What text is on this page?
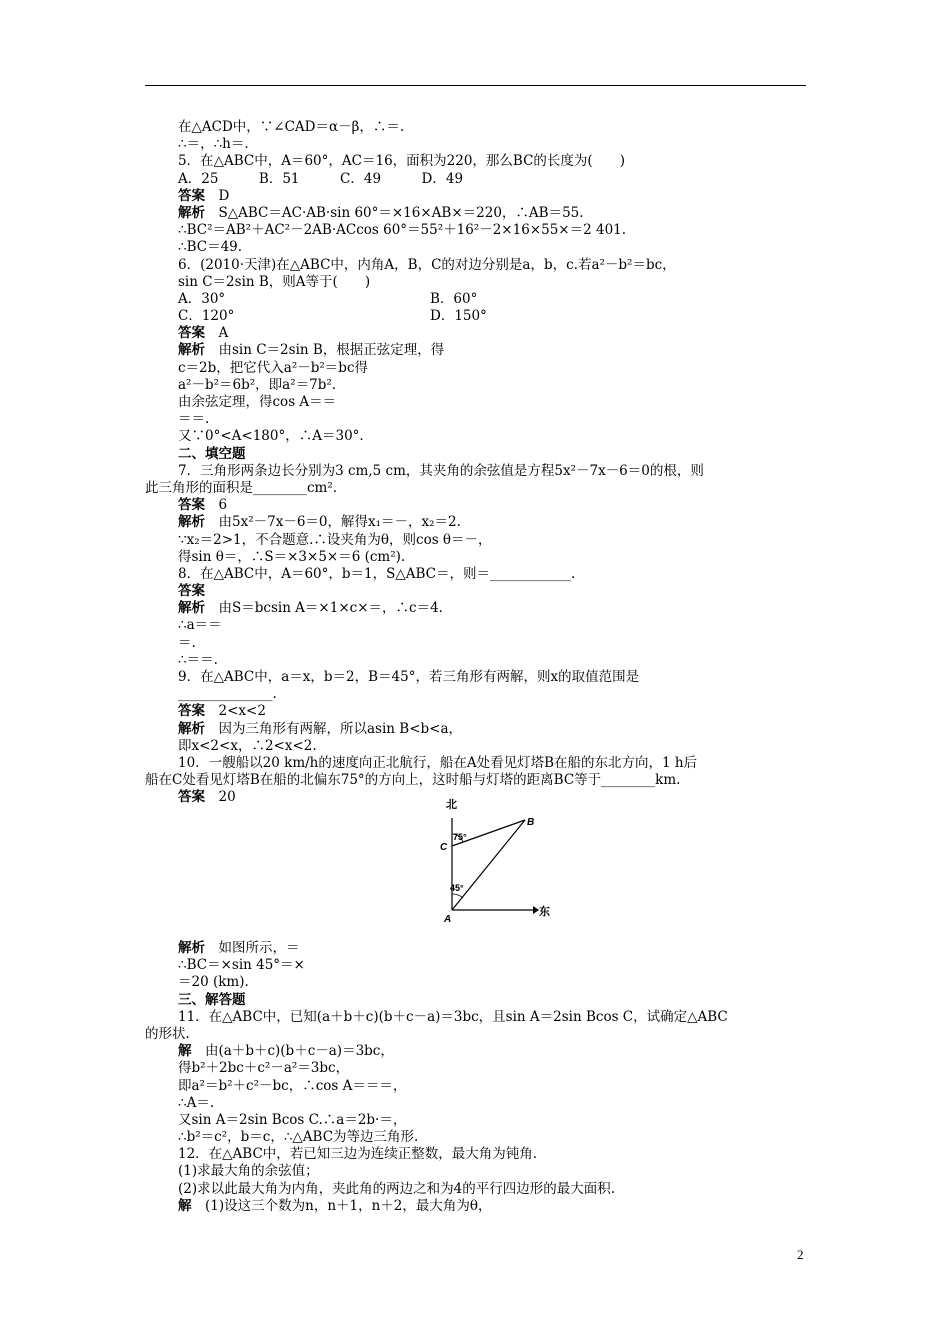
在△ACD中，∵∠CAD＝α－β，∴＝.
∴＝，∴h＝.
5．在△ABC中，A＝60°，AC＝16，面积为220，那么BC的长度为(　　)
A．25　　　B．51　　　C．49　　　D．49
答案　 D
解析　 S△ABC＝AC·AB·sin 60°＝×16×AB×＝220，∴AB＝55.
∴BC²＝AB²＋AC²－2AB·ACcos 60°＝55²＋16²－2×16×55×＝2 401.
∴BC＝49.
6．(2010·天津)在△ABC中，内角A，B，C的对边分别是a，b，c.若a²－b²＝bc，
sin C＝2sin B，则A等于(　　)
A．30°	B．60°
C．120°	D．150°
答案　 A
解析　 由sin C＝2sin B，根据正弦定理，得
c＝2b，把它代入a²－b²＝bc得
a²－b²＝6b²，即a²＝7b².
由余弦定理，得cos A＝＝
＝＝.
又∵0°<A<180°，∴A＝30°.
二、填空题
7．三角形两条边长分别为3 cm,5 cm，其夹角的余弦值是方程5x²－7x－6＝0的根，则
此三角形的面积是________cm².
答案　 6
解析　 由5x²－7x－6＝0，解得x₁＝－，x₂＝2.
∵x₂＝2>1，不合题意.∴设夹角为θ，则cos θ＝－，
得sin θ＝，∴S＝×3×5×＝6 (cm²).
8．在△ABC中，A＝60°，b＝1，S△ABC＝，则＝____________.
答案
解析　 由S＝bcsin A＝×1×c×＝，∴c＝4.
∴a＝＝
＝.
∴＝＝.
9．在△ABC中，a＝x，b＝2，B＝45°，若三角形有两解，则x的取值范围是
______________.
答案　 2<x<2
解析　 因为三角形有两解，所以asin B<b<a，
即x<2<x，∴2<x<2.
10．一艘船以20 km/h的速度向正北航行，船在A处看见灯塔B在船的东北方向，1 h后
船在C处看见灯塔B在船的北偏东75°的方向上，这时船与灯塔的距离BC等于________km.
答案　 20	北
东
A
B
C
75°
45°
解析　 如图所示，＝
∴BC＝×sin 45°＝×
＝20 (km).
三、解答题
11．在△ABC中，已知(a＋b＋c)(b＋c－a)＝3bc，且sin A＝2sin Bcos C，试确定△ABC
的形状.
解　 由(a＋b＋c)(b＋c－a)＝3bc，
得b²＋2bc＋c²－a²＝3bc，
即a²＝b²＋c²－bc，∴cos A＝＝＝，
∴A＝.
又sin A＝2sin Bcos C.∴a＝2b·＝，
∴b²＝c²，b＝c，∴△ABC为等边三角形.
12．在△ABC中，若已知三边为连续正整数，最大角为钝角.
(1)求最大角的余弦值；
(2)求以此最大角为内角，夹此角的两边之和为4的平行四边形的最大面积.
解　 (1)设这三个数为n，n＋1，n＋2，最大角为θ，
2
